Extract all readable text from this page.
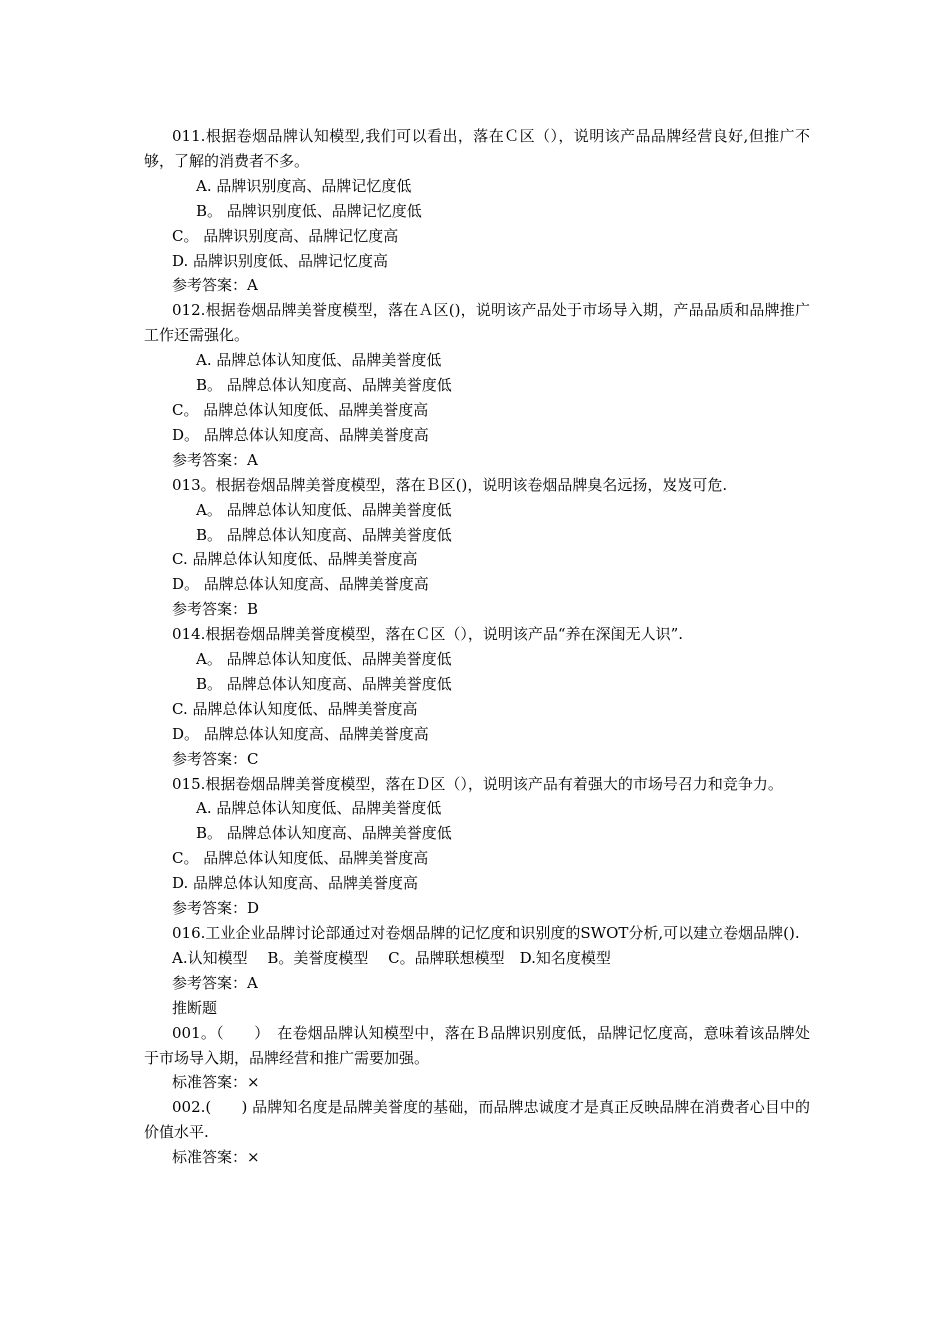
011.根据卷烟品牌认知模型,我们可以看出，落在Ｃ区（），说明该产品品牌经营良好,但推广不够，了解的消费者不多。
A. 品牌识别度高、品牌记忆度低
B。 品牌识别度低、品牌记忆度低
C。 品牌识别度高、品牌记忆度高
D. 品牌识别度低、品牌记忆度高
参考答案：A
012.根据卷烟品牌美誉度模型，落在Ａ区()，说明该产品处于市场导入期，产品品质和品牌推广工作还需强化。
A. 品牌总体认知度低、品牌美誉度低
B。 品牌总体认知度高、品牌美誉度低
C。 品牌总体认知度低、品牌美誉度高
D。 品牌总体认知度高、品牌美誉度高
参考答案：A
013。根据卷烟品牌美誉度模型，落在Ｂ区()，说明该卷烟品牌臭名远扬，岌岌可危.
A。 品牌总体认知度低、品牌美誉度低
B。 品牌总体认知度高、品牌美誉度低
C. 品牌总体认知度低、品牌美誉度高
D。 品牌总体认知度高、品牌美誉度高
参考答案：B
014.根据卷烟品牌美誉度模型，落在Ｃ区（），说明该产品“养在深闺无人识”.
A。 品牌总体认知度低、品牌美誉度低
B。 品牌总体认知度高、品牌美誉度低
C. 品牌总体认知度低、品牌美誉度高
D。 品牌总体认知度高、品牌美誉度高
参考答案：C
015.根据卷烟品牌美誉度模型，落在Ｄ区（），说明该产品有着强大的市场号召力和竞争力。
A. 品牌总体认知度低、品牌美誉度低
B。 品牌总体认知度高、品牌美誉度低
C。 品牌总体认知度低、品牌美誉度高
D. 品牌总体认知度高、品牌美誉度高
参考答案：D
016.工业企业品牌讨论部通过对卷烟品牌的记忆度和识别度的SWOT分析,可以建立卷烟品牌().
A.认知模型　 B。美誉度模型　 C。品牌联想模型　D.知名度模型
参考答案：A
推断题
001。（　　）　在卷烟品牌认知模型中，落在Ｂ品牌识别度低，品牌记忆度高，意味着该品牌处于市场导入期，品牌经营和推广需要加强。
标准答案：×
002.(　　) 品牌知名度是品牌美誉度的基础，而品牌忠诚度才是真正反映品牌在消费者心目中的价值水平.
标准答案：×
